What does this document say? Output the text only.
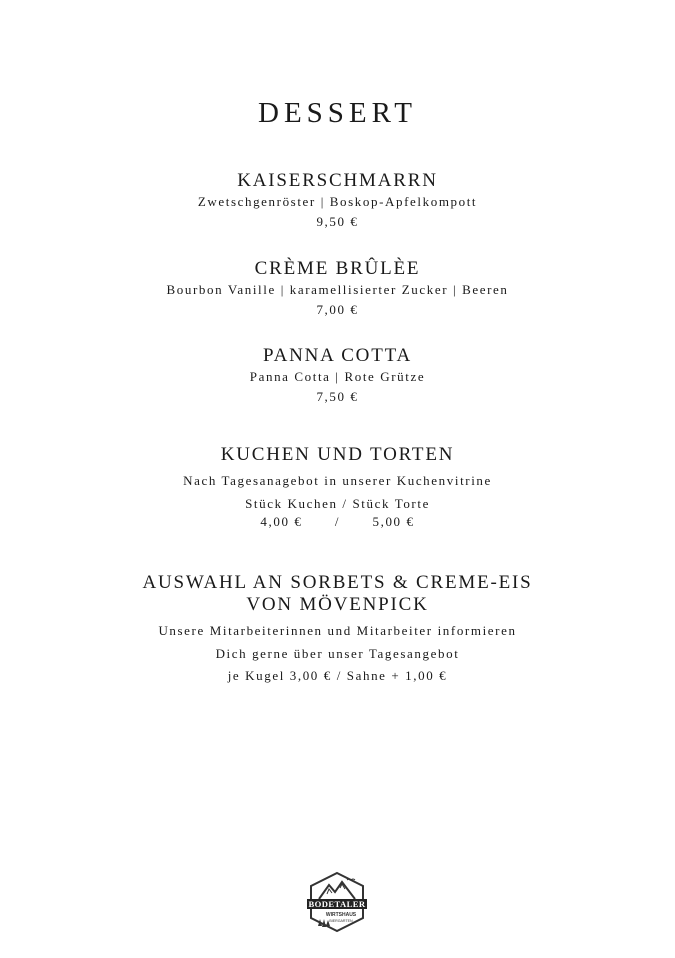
DESSERT
KAISERSCHMARRN
Zwetschgenröster | Boskop-Apfelkompott
9,50 €
CRÈME BRÛLÈE
Bourbon Vanille | karamellisierter Zucker | Beeren
7,00 €
PANNA COTTA
Panna Cotta | Rote Grütze
7,50 €
KUCHEN UND TORTEN
Nach Tagesanagebot in unserer Kuchenvitrine
Stück Kuchen / Stück Torte
4,00 € / 5,00 €
AUSWAHL AN SORBETS & CREME-EIS
VON MÖVENPICK
Unsere Mitarbeiterinnen und Mitarbeiter informieren
Dich gerne über unser Tagesangebot
je Kugel 3,00 € / Sahne + 1,00 €
BODETALER
WIRTSHAUS
BIERGARTEN
